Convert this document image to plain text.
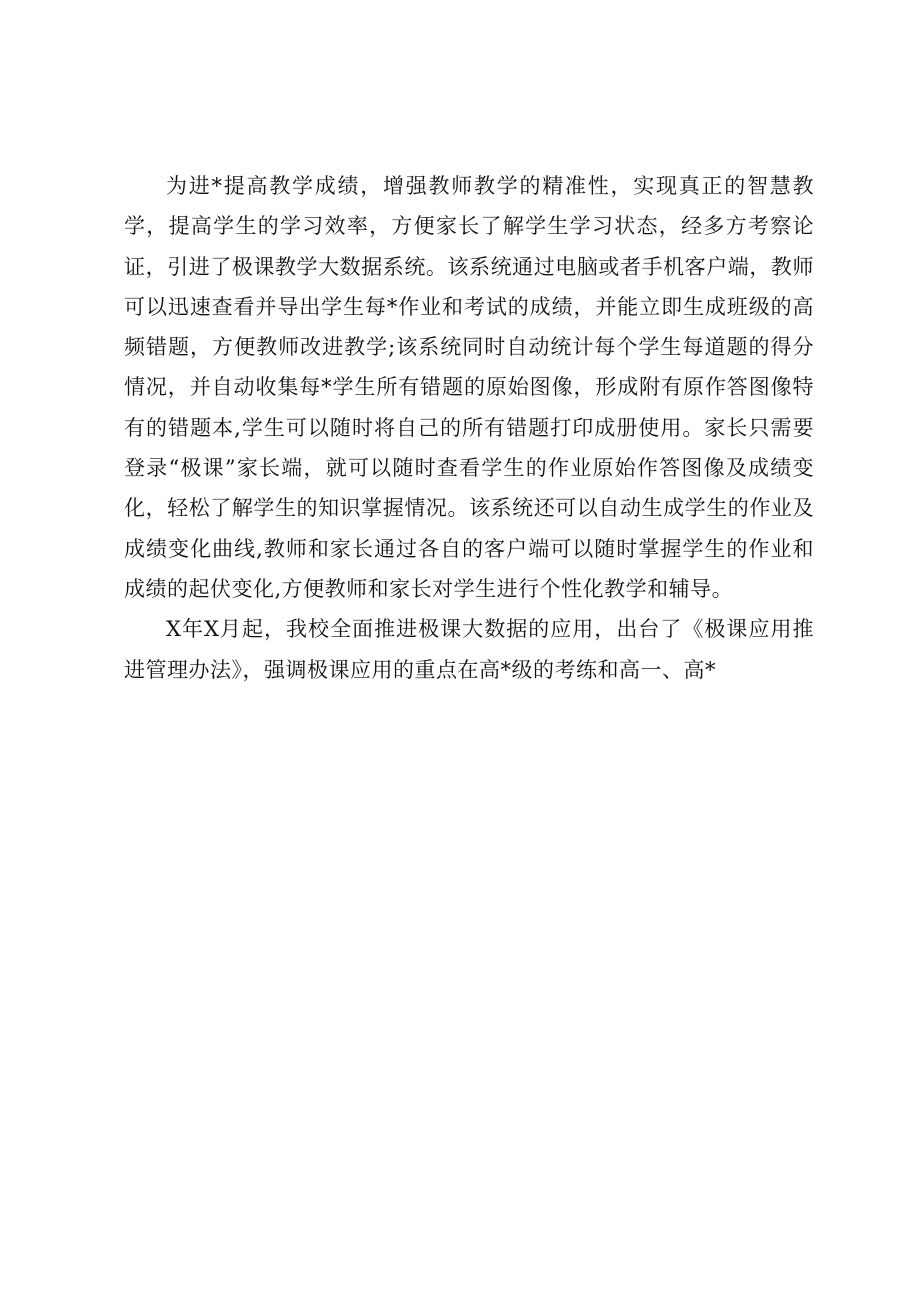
为进*提高教学成绩，增强教师教学的精准性，实现真正的智慧教学，提高学生的学习效率，方便家长了解学生学习状态，经多方考察论证，引进了极课教学大数据系统。该系统通过电脑或者手机客户端，教师可以迅速查看并导出学生每*作业和考试的成绩，并能立即生成班级的高频错题，方便教师改进教学;该系统同时自动统计每个学生每道题的得分情况，并自动收集每*学生所有错题的原始图像，形成附有原作答图像特有的错题本,学生可以随时将自己的所有错题打印成册使用。家长只需要登录“极课”家长端，就可以随时查看学生的作业原始作答图像及成绩变化，轻松了解学生的知识掌握情况。该系统还可以自动生成学生的作业及成绩变化曲线,教师和家长通过各自的客户端可以随时掌握学生的作业和成绩的起伏变化,方便教师和家长对学生进行个性化教学和辅导。

X年X月起，我校全面推进极课大数据的应用，出台了《极课应用推进管理办法》，强调极课应用的重点在高*级的考练和高一、高*
